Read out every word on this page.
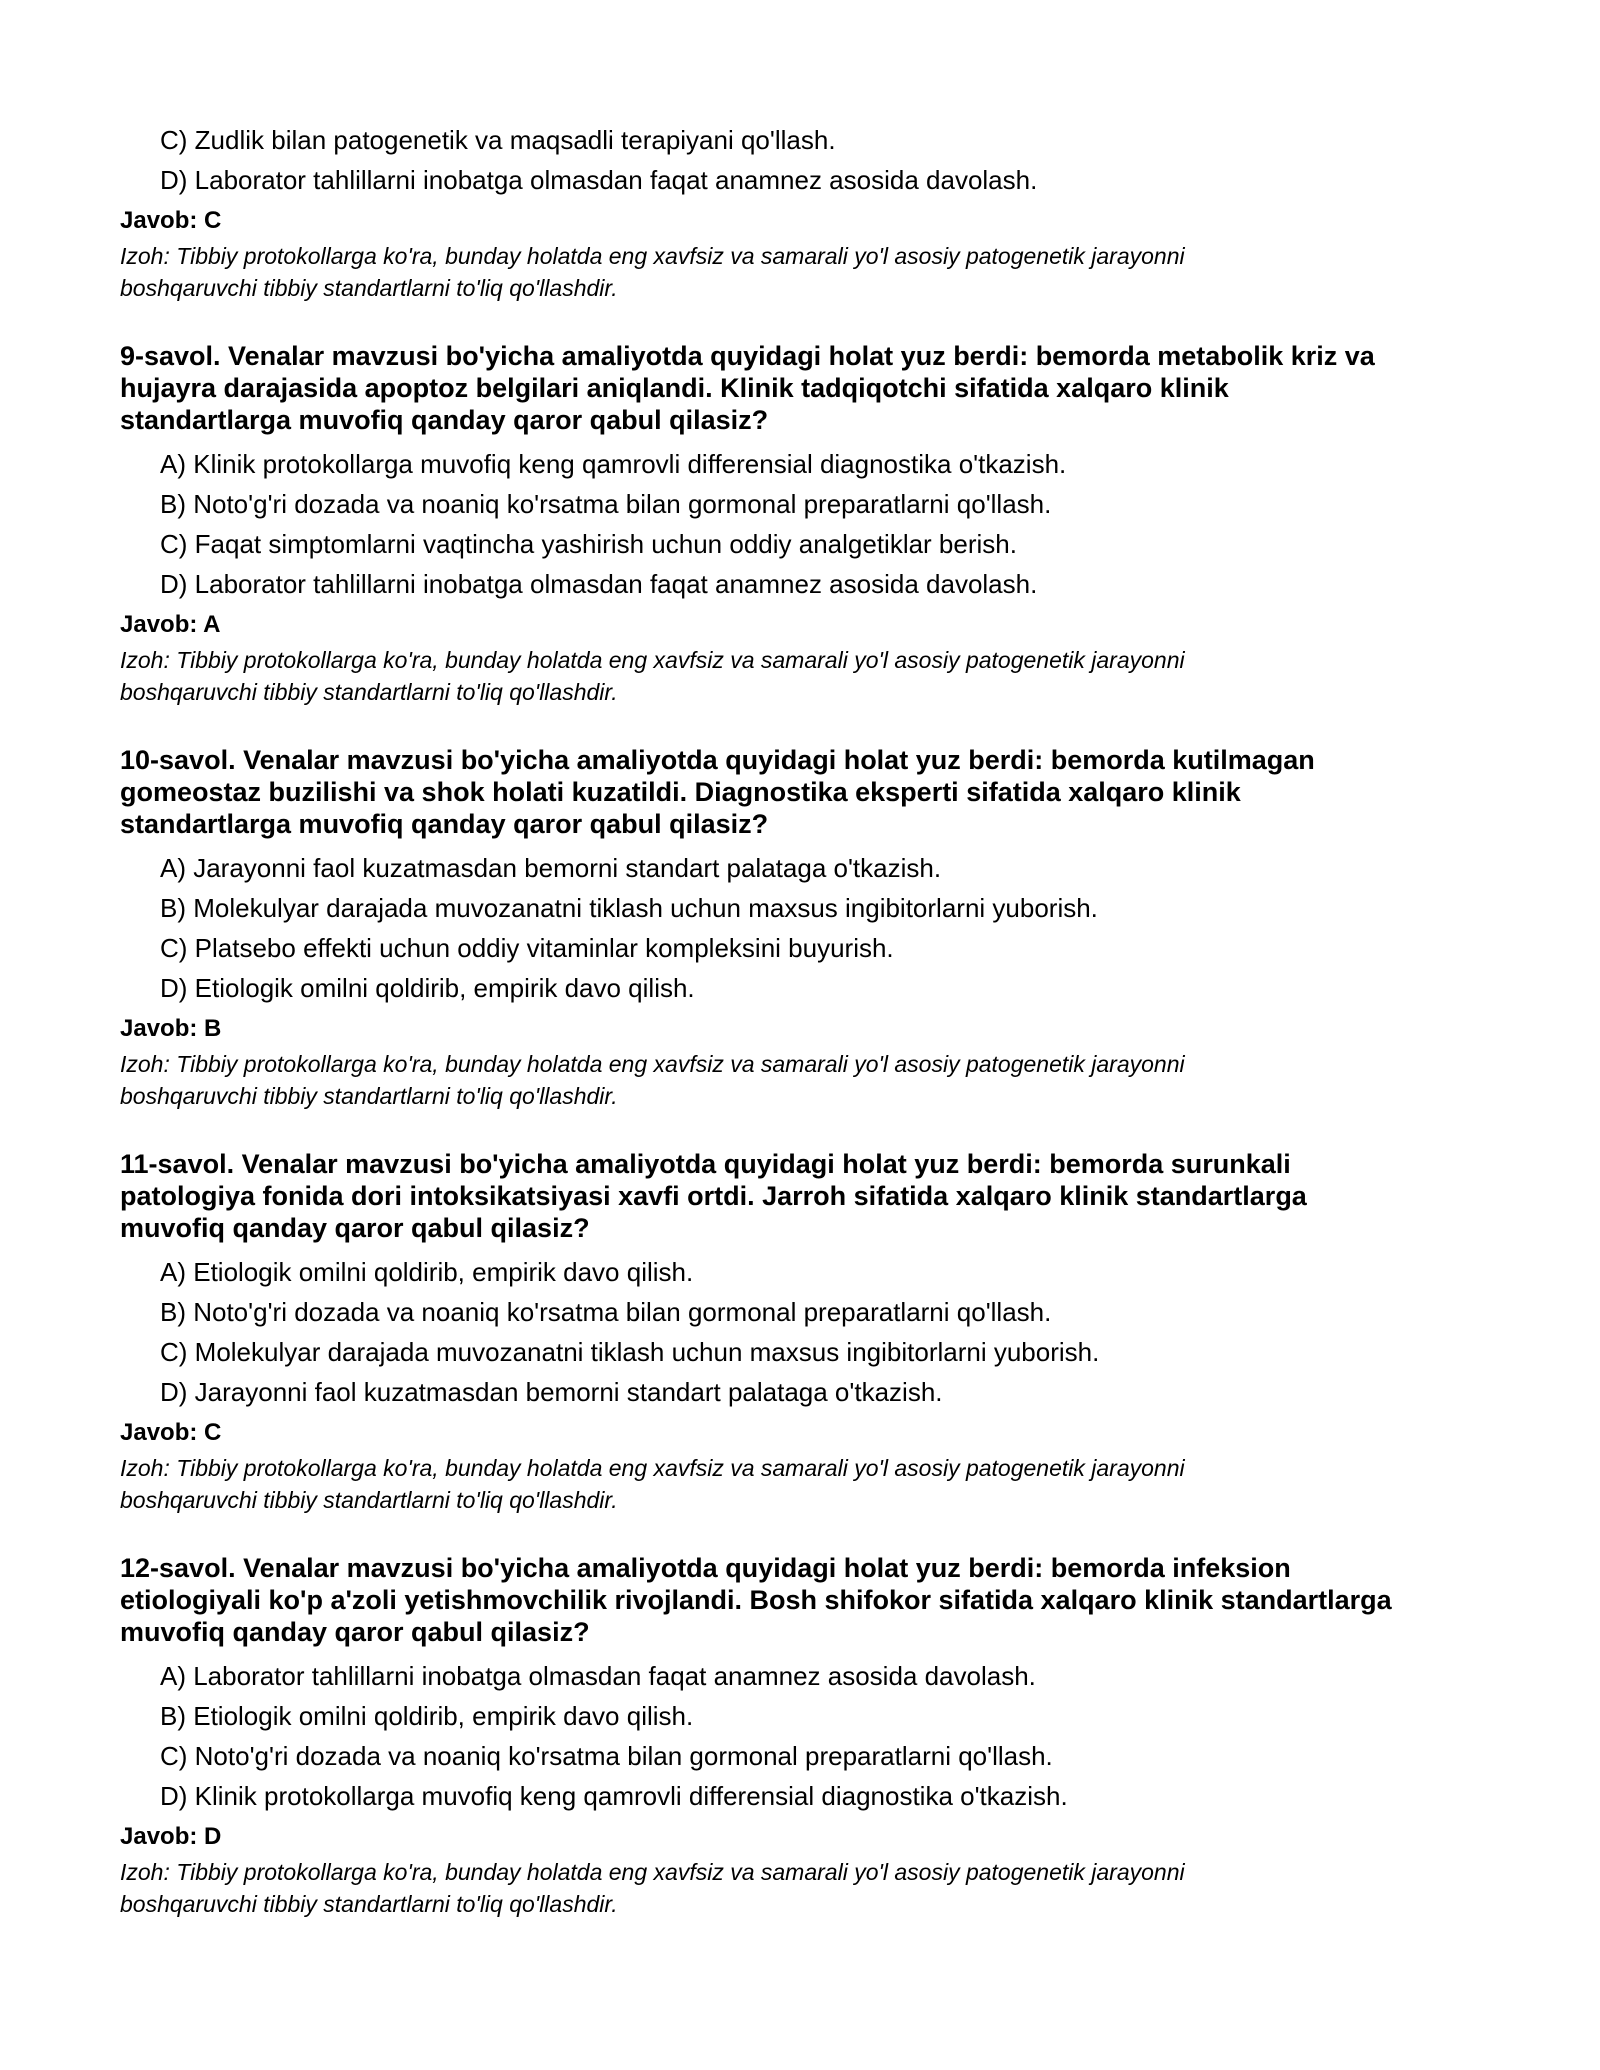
C) Zudlik bilan patogenetik va maqsadli terapiyani qo'llash.
D) Laborator tahlillarni inobatga olmasdan faqat anamnez asosida davolash.
Javob: C
Izoh: Tibbiy protokollarga ko'ra, bunday holatda eng xavfsiz va samarali yo'l asosiy patogenetik jarayonni
boshqaruvchi tibbiy standartlarni to'liq qo'llashdir.
9-savol. Venalar mavzusi bo'yicha amaliyotda quyidagi holat yuz berdi: bemorda metabolik kriz va
hujayra darajasida apoptoz belgilari aniqlandi. Klinik tadqiqotchi sifatida xalqaro klinik
standartlarga muvofiq qanday qaror qabul qilasiz?
A) Klinik protokollarga muvofiq keng qamrovli differensial diagnostika o'tkazish.
B) Noto'g'ri dozada va noaniq ko'rsatma bilan gormonal preparatlarni qo'llash.
C) Faqat simptomlarni vaqtincha yashirish uchun oddiy analgetiklar berish.
D) Laborator tahlillarni inobatga olmasdan faqat anamnez asosida davolash.
Javob: A
Izoh: Tibbiy protokollarga ko'ra, bunday holatda eng xavfsiz va samarali yo'l asosiy patogenetik jarayonni
boshqaruvchi tibbiy standartlarni to'liq qo'llashdir.
10-savol. Venalar mavzusi bo'yicha amaliyotda quyidagi holat yuz berdi: bemorda kutilmagan
gomeostaz buzilishi va shok holati kuzatildi. Diagnostika eksperti sifatida xalqaro klinik
standartlarga muvofiq qanday qaror qabul qilasiz?
A) Jarayonni faol kuzatmasdan bemorni standart palataga o'tkazish.
B) Molekulyar darajada muvozanatni tiklash uchun maxsus ingibitorlarni yuborish.
C) Platsebo effekti uchun oddiy vitaminlar kompleksini buyurish.
D) Etiologik omilni qoldirib, empirik davo qilish.
Javob: B
Izoh: Tibbiy protokollarga ko'ra, bunday holatda eng xavfsiz va samarali yo'l asosiy patogenetik jarayonni
boshqaruvchi tibbiy standartlarni to'liq qo'llashdir.
11-savol. Venalar mavzusi bo'yicha amaliyotda quyidagi holat yuz berdi: bemorda surunkali
patologiya fonida dori intoksikatsiyasi xavfi ortdi. Jarroh sifatida xalqaro klinik standartlarga
muvofiq qanday qaror qabul qilasiz?
A) Etiologik omilni qoldirib, empirik davo qilish.
B) Noto'g'ri dozada va noaniq ko'rsatma bilan gormonal preparatlarni qo'llash.
C) Molekulyar darajada muvozanatni tiklash uchun maxsus ingibitorlarni yuborish.
D) Jarayonni faol kuzatmasdan bemorni standart palataga o'tkazish.
Javob: C
Izoh: Tibbiy protokollarga ko'ra, bunday holatda eng xavfsiz va samarali yo'l asosiy patogenetik jarayonni
boshqaruvchi tibbiy standartlarni to'liq qo'llashdir.
12-savol. Venalar mavzusi bo'yicha amaliyotda quyidagi holat yuz berdi: bemorda infeksion
etiologiyali ko'p a'zoli yetishmovchilik rivojlandi. Bosh shifokor sifatida xalqaro klinik standartlarga
muvofiq qanday qaror qabul qilasiz?
A) Laborator tahlillarni inobatga olmasdan faqat anamnez asosida davolash.
B) Etiologik omilni qoldirib, empirik davo qilish.
C) Noto'g'ri dozada va noaniq ko'rsatma bilan gormonal preparatlarni qo'llash.
D) Klinik protokollarga muvofiq keng qamrovli differensial diagnostika o'tkazish.
Javob: D
Izoh: Tibbiy protokollarga ko'ra, bunday holatda eng xavfsiz va samarali yo'l asosiy patogenetik jarayonni
boshqaruvchi tibbiy standartlarni to'liq qo'llashdir.
